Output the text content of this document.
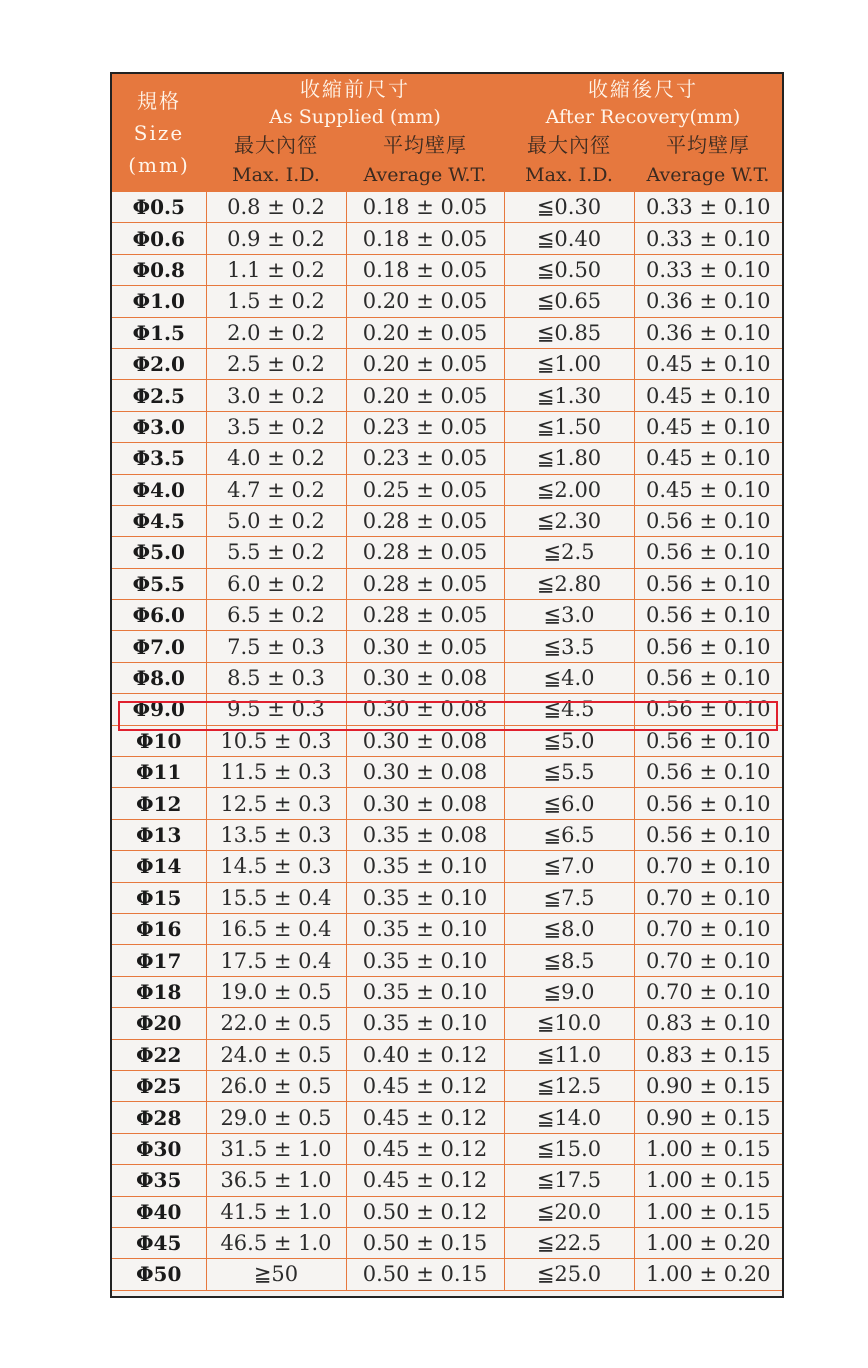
規格
Size
(mm)	收縮前尺寸		收縮後尺寸	
	As Supplied (mm)		After Recovery(mm)	
	最大內徑	平均壁厚	最大內徑	平均壁厚
	Max. I.D.	Average W.T.	Max. I.D.	Average W.T.
Φ0.5	0.8 ± 0.2	0.18 ± 0.05	≦0.30	0.33 ± 0.10
Φ0.6	0.9 ± 0.2	0.18 ± 0.05	≦0.40	0.33 ± 0.10
Φ0.8	1.1 ± 0.2	0.18 ± 0.05	≦0.50	0.33 ± 0.10
Φ1.0	1.5 ± 0.2	0.20 ± 0.05	≦0.65	0.36 ± 0.10
Φ1.5	2.0 ± 0.2	0.20 ± 0.05	≦0.85	0.36 ± 0.10
Φ2.0	2.5 ± 0.2	0.20 ± 0.05	≦1.00	0.45 ± 0.10
Φ2.5	3.0 ± 0.2	0.20 ± 0.05	≦1.30	0.45 ± 0.10
Φ3.0	3.5 ± 0.2	0.23 ± 0.05	≦1.50	0.45 ± 0.10
Φ3.5	4.0 ± 0.2	0.23 ± 0.05	≦1.80	0.45 ± 0.10
Φ4.0	4.7 ± 0.2	0.25 ± 0.05	≦2.00	0.45 ± 0.10
Φ4.5	5.0 ± 0.2	0.28 ± 0.05	≦2.30	0.56 ± 0.10
Φ5.0	5.5 ± 0.2	0.28 ± 0.05	≦2.5	0.56 ± 0.10
Φ5.5	6.0 ± 0.2	0.28 ± 0.05	≦2.80	0.56 ± 0.10
Φ6.0	6.5 ± 0.2	0.28 ± 0.05	≦3.0	0.56 ± 0.10
Φ7.0	7.5 ± 0.3	0.30 ± 0.05	≦3.5	0.56 ± 0.10
Φ8.0	8.5 ± 0.3	0.30 ± 0.08	≦4.0	0.56 ± 0.10
Φ9.0	9.5 ± 0.3	0.30 ± 0.08	≦4.5	0.56 ± 0.10
Φ10	10.5 ± 0.3	0.30 ± 0.08	≦5.0	0.56 ± 0.10
Φ11	11.5 ± 0.3	0.30 ± 0.08	≦5.5	0.56 ± 0.10
Φ12	12.5 ± 0.3	0.30 ± 0.08	≦6.0	0.56 ± 0.10
Φ13	13.5 ± 0.3	0.35 ± 0.08	≦6.5	0.56 ± 0.10
Φ14	14.5 ± 0.3	0.35 ± 0.10	≦7.0	0.70 ± 0.10
Φ15	15.5 ± 0.4	0.35 ± 0.10	≦7.5	0.70 ± 0.10
Φ16	16.5 ± 0.4	0.35 ± 0.10	≦8.0	0.70 ± 0.10
Φ17	17.5 ± 0.4	0.35 ± 0.10	≦8.5	0.70 ± 0.10
Φ18	19.0 ± 0.5	0.35 ± 0.10	≦9.0	0.70 ± 0.10
Φ20	22.0 ± 0.5	0.35 ± 0.10	≦10.0	0.83 ± 0.10
Φ22	24.0 ± 0.5	0.40 ± 0.12	≦11.0	0.83 ± 0.15
Φ25	26.0 ± 0.5	0.45 ± 0.12	≦12.5	0.90 ± 0.15
Φ28	29.0 ± 0.5	0.45 ± 0.12	≦14.0	0.90 ± 0.15
Φ30	31.5 ± 1.0	0.45 ± 0.12	≦15.0	1.00 ± 0.15
Φ35	36.5 ± 1.0	0.45 ± 0.12	≦17.5	1.00 ± 0.15
Φ40	41.5 ± 1.0	0.50 ± 0.12	≦20.0	1.00 ± 0.15
Φ45	46.5 ± 1.0	0.50 ± 0.15	≦22.5	1.00 ± 0.20
Φ50	≧50	0.50 ± 0.15	≦25.0	1.00 ± 0.20
